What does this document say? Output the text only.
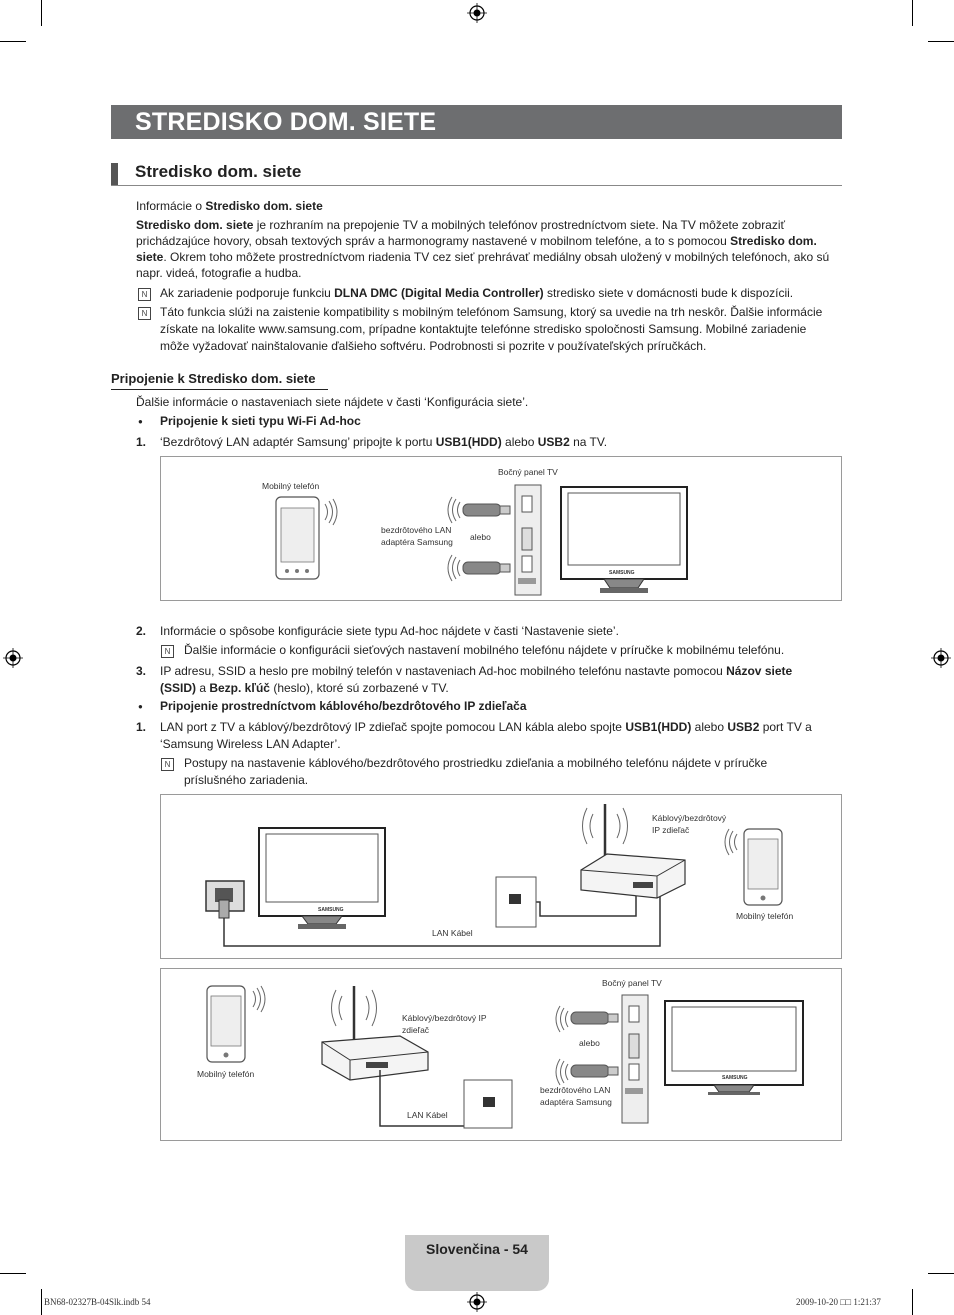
STREDISKO DOM. SIETE
Stredisko dom. siete
Informácie o Stredisko dom. siete
Stredisko dom. siete je rozhraním na prepojenie TV a mobilných telefónov prostredníctvom siete. Na TV môžete zobraziť
prichádzajúce hovory, obsah textových správ a harmonogramy nastavené v mobilnom telefóne, a to s pomocou Stredisko dom.
siete. Okrem toho môžete prostredníctvom riadenia TV cez sieť prehrávať mediálny obsah uložený v mobilných telefónoch, ako sú
napr. videá, fotografie a hudba.
N	Ak zariadenie podporuje funkciu DLNA DMC (Digital Media Controller) stredisko siete v domácnosti bude k dispozícii.
N	Táto funkcia slúži na zaistenie kompatibility s mobilným telefónom Samsung, ktorý sa uvedie na trh neskôr. Ďalšie informácie
získate na lokalite www.samsung.com, prípadne kontaktujte telefónne stredisko spoločnosti Samsung. Mobilné zariadenie
môže vyžadovať nainštalovanie ďalšieho softvéru. Podrobnosti si pozrite v používateľských príručkách.
Pripojenie k Stredisko dom. siete
Ďalšie informácie o nastaveniach siete nájdete v časti ‘Konfigurácia siete’.
● Pripojenie k sieti typu Wi-Fi Ad-hoc
1. ‘Bezdrôtový LAN adaptér Samsung’ pripojte k portu USB1(HDD) alebo USB2 na TV.
Bočný panel TV
Mobilný telefón
bezdrôtového LAN
adaptéra Samsung alebo
SAMSUNG
2. Informácie o spôsobe konfigurácie siete typu Ad-hoc nájdete v časti ‘Nastavenie siete’.
N	Ďalšie informácie o konfigurácii sieťových nastavení mobilného telefónu nájdete v príručke k mobilnému telefónu.
3. IP adresu, SSID a heslo pre mobilný telefón v nastaveniach Ad-hoc mobilného telefónu nastavte pomocou Názov siete
(SSID) a Bezp. kľúč (heslo), ktoré sú zorbazené v TV.
● Pripojenie prostredníctvom káblového/bezdrôtového IP zdieľača
1. LAN port z TV a káblový/bezdrôtový IP zdieľač spojte pomocou LAN kábla alebo spojte USB1(HDD) alebo USB2 port TV a
‘Samsung Wireless LAN Adapter’.
N	Postupy na nastavenie káblového/bezdrôtového prostriedku zdieľania a mobilného telefónu nájdete v príručke
príslušného zariadenia.
SAMSUNG
LAN Kábel
Káblový/bezdrôtový
IP zdieľač
Mobilný telefón
Mobilný telefón
Káblový/bezdrôtový IP
zdieľač
LAN Kábel
Bočný panel TV
alebo
bezdrôtového LAN
adaptéra Samsung
SAMSUNG
Slovenčina - 54
BN68-02327B-04Slk.indb 54	2009-10-20 □□ 1:21:37
